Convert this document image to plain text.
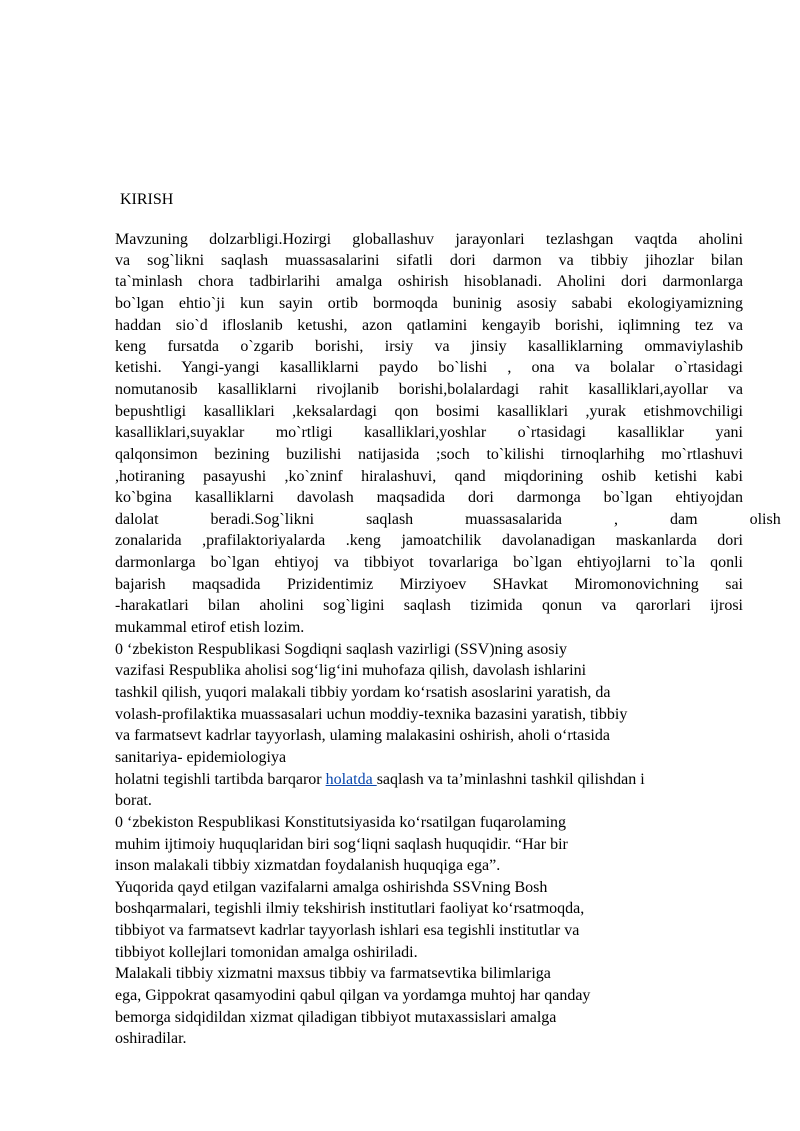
KIRISH
Mavzuning dolzarbligi.Hozirgi globallashuv jarayonlari tezlashgan vaqtda aholini
va sog`likni saqlash muassasalarini sifatli dori darmon va tibbiy jihozlar bilan
ta`minlash chora tadbirlarihi amalga oshirish hisoblanadi. Aholini dori darmonlarga
bo`lgan ehtio`ji kun sayin ortib bormoqda buninig asosiy sababi ekologiyamizning
haddan sio`d ifloslanib ketushi, azon qatlamini kengayib borishi, iqlimning tez va
keng fursatda o`zgarib borishi, irsiy va jinsiy kasalliklarning ommaviylashib
ketishi. Yangi-yangi kasalliklarni paydo bo`lishi , ona va bolalar o`rtasidagi
nomutanosib kasalliklarni rivojlanib borishi,bolalardagi rahit kasalliklari,ayollar va
bepushtligi kasalliklari ,keksalardagi qon bosimi kasalliklari ,yurak etishmovchiligi
kasalliklari,suyaklar mo`rtligi kasalliklari,yoshlar o`rtasidagi kasalliklar yani
qalqonsimon bezining buzilishi natijasida ;soch to`kilishi tirnoqlarhihg mo`rtlashuvi
,hotiraning pasayushi ,ko`zninf hiralashuvi, qand miqdorining oshib ketishi kabi
ko`bgina kasalliklarni davolash maqsadida dori darmonga bo`lgan ehtiyojdan
dalolat beradi.Sog`likni saqlash muassasalarida , dam olish
zonalarida ,prafilaktoriyalarda .keng jamoatchilik davolanadigan maskanlarda dori
darmonlarga bo`lgan ehtiyoj va tibbiyot tovarlariga bo`lgan ehtiyojlarni to`la qonli
bajarish maqsadida Prizidentimiz Mirziyoev SHavkat Miromonovichning sai
-harakatlari bilan aholini sog`ligini saqlash tizimida qonun va qarorlari ijrosi
mukammal etirof etish lozim.
0 ‘zbekiston Respublikasi Sogdiqni saqlash vazirligi (SSV)ning asosiy
vazifasi Respublika aholisi sog‘lig‘ini muhofaza qilish, davolash ishlarini
tashkil qilish, yuqori malakali tibbiy yordam ko‘rsatish asoslarini yaratish, da
volash-profilaktika muassasalari uchun moddiy-texnika bazasini yaratish, tibbiy
va farmatsevt kadrlar tayyorlash, ulaming malakasini oshirish, aholi o‘rtasida
sanitariya- epidemiologiya
holatni tegishli tartibda barqaror holatda saqlash va ta’minlashni tashkil qilishdan i
borat.
0 ‘zbekiston Respublikasi Konstitutsiyasida ko‘rsatilgan fuqarolaming
muhim ijtimoiy huquqlaridan biri sog‘liqni saqlash huquqidir. “Har bir
inson malakali tibbiy xizmatdan foydalanish huquqiga ega”.
Yuqorida qayd etilgan vazifalarni amalga oshirishda SSVning Bosh
boshqarmalari, tegishli ilmiy tekshirish institutlari faoliyat ko‘rsatmoqda,
tibbiyot va farmatsevt kadrlar tayyorlash ishlari esa tegishli institutlar va
tibbiyot kollejlari tomonidan amalga oshiriladi.
Malakali tibbiy xizmatni maxsus tibbiy va farmatsevtika bilimlariga
ega, Gippokrat qasamyodini qabul qilgan va yordamga muhtoj har qanday
bemorga sidqidildan xizmat qiladigan tibbiyot mutaxassislari amalga
oshiradilar.
